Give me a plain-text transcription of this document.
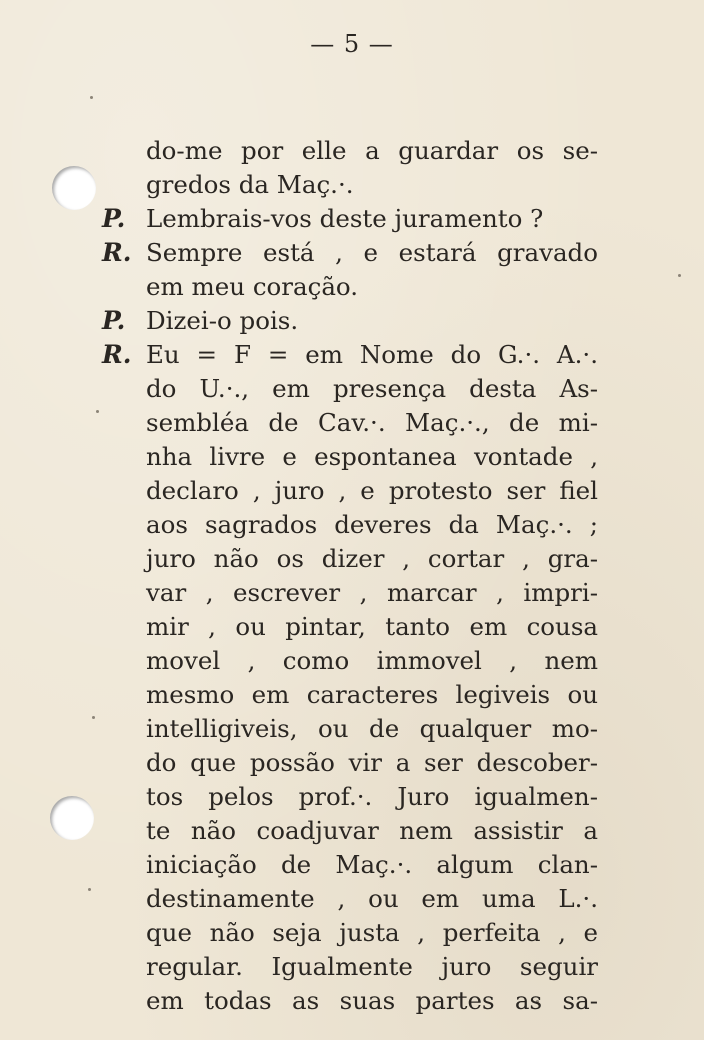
— 5 —
P.
R.
P.
R.
do-me por elle a guardar os se-
gredos da Maç.·.
Lembrais-vos deste juramento ?
Sempre está , e estará gravado
em meu coração.
Dizei-o pois.
Eu = F = em Nome do G.·. A.·.
do U.·., em presença desta As-
sembléa de Cav.·. Maç.·., de mi-
nha livre e espontanea vontade ,
declaro , juro , e protesto ser fiel
aos sagrados deveres da Maç.·. ;
juro não os dizer , cortar , gra-
var , escrever , marcar , impri-
mir , ou pintar, tanto em cousa
movel , como immovel , nem
mesmo em caracteres legiveis ou
intelligiveis, ou de qualquer mo-
do que possão vir a ser descober-
tos pelos prof.·. Juro igualmen-
te não coadjuvar nem assistir a
iniciação de Maç.·. algum clan-
destinamente , ou em uma L.·.
que não seja justa , perfeita , e
regular. Igualmente juro seguir
em todas as suas partes as sa-
